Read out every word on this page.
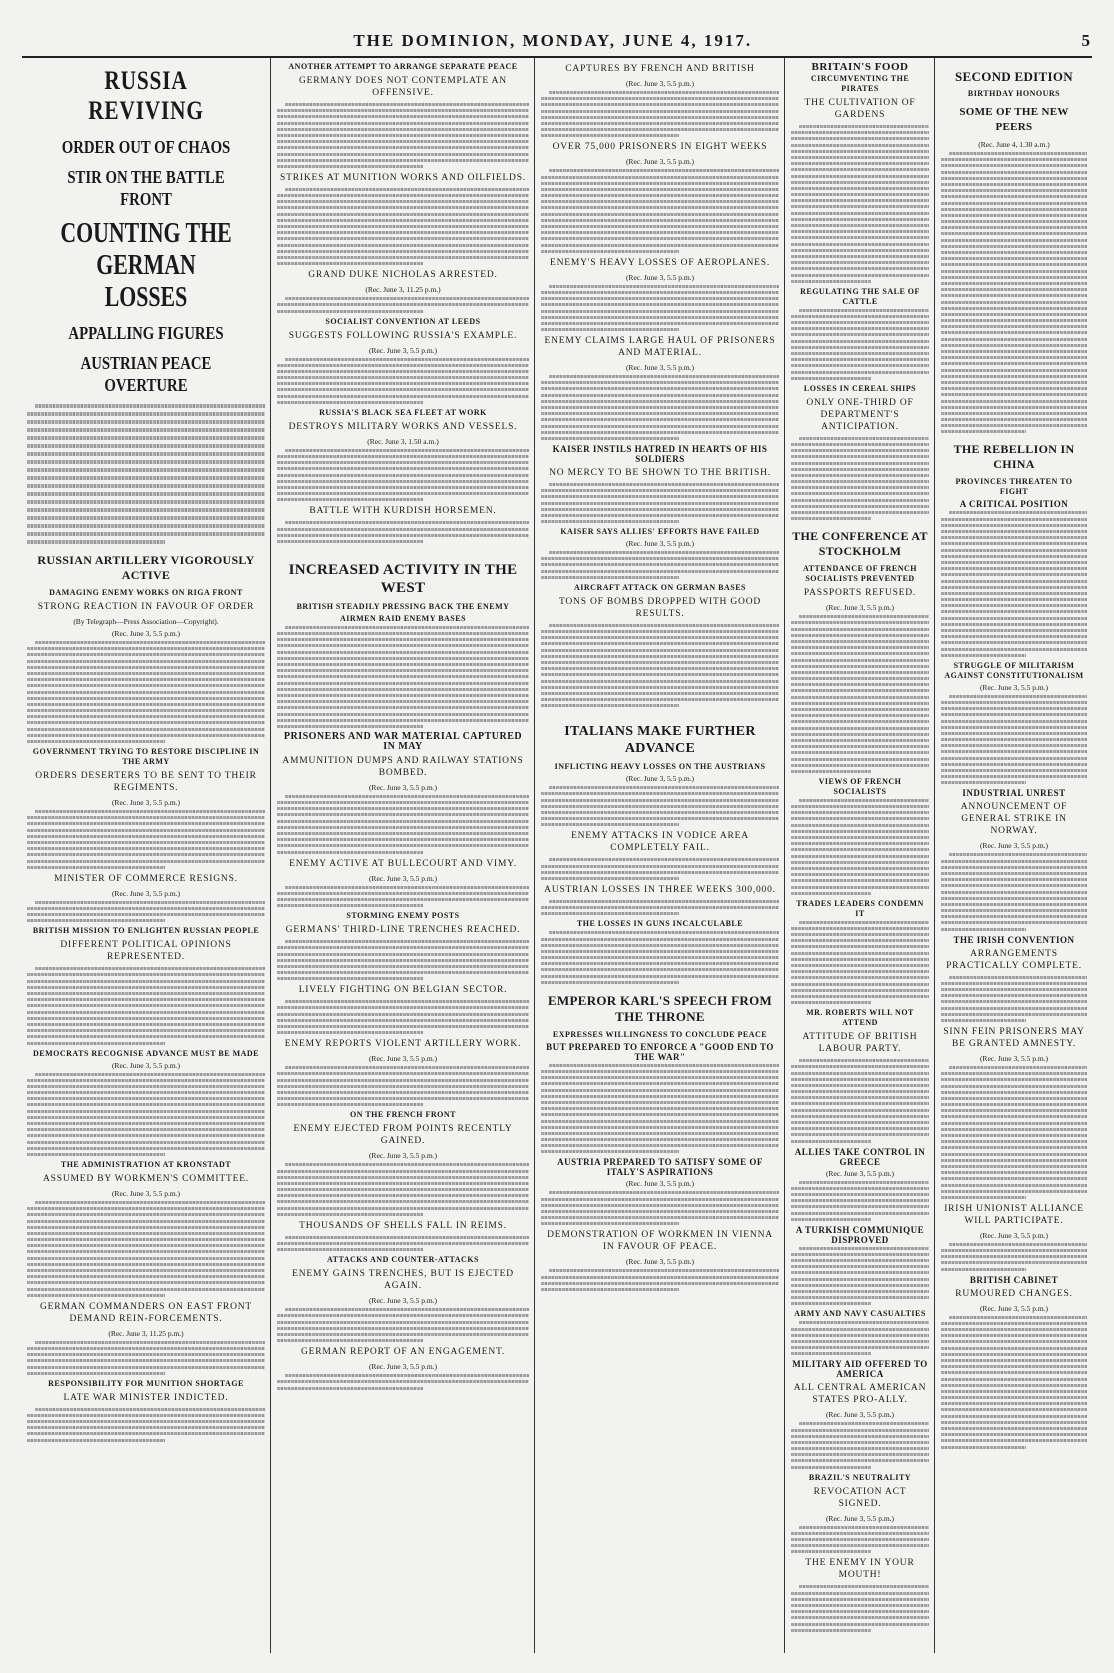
THE DOMINION, MONDAY, JUNE 4, 1917.	5
RUSSIA REVIVING
ORDER OUT OF CHAOS
STIR ON THE BATTLE FRONT
COUNTING THE GERMAN LOSSES
APPALLING FIGURES
AUSTRIAN PEACE OVERTURE
RUSSIAN ARTILLERY VIGOROUSLY ACTIVE
DAMAGING ENEMY WORKS ON RIGA FRONT
STRONG REACTION IN FAVOUR OF ORDER
(By Telegraph—Press Association—Copyright).
(Rec. June 3, 5.5 p.m.)
GOVERNMENT TRYING TO RESTORE DISCIPLINE IN THE ARMY
ORDERS DESERTERS TO BE SENT TO THEIR REGIMENTS.
(Rec. June 3, 5.5 p.m.)
MINISTER OF COMMERCE RESIGNS.
(Rec. June 3, 5.5 p.m.)
BRITISH MISSION TO ENLIGHTEN RUSSIAN PEOPLE
DIFFERENT POLITICAL OPINIONS REPRESENTED.
DEMOCRATS RECOGNISE ADVANCE MUST BE MADE
(Rec. June 3, 5.5 p.m.)
THE ADMINISTRATION AT KRONSTADT
ASSUMED BY WORKMEN'S COMMITTEE.
(Rec. June 3, 5.5 p.m.)
GERMAN COMMANDERS ON EAST FRONT DEMAND REIN-FORCEMENTS.
(Rec. June 3, 11.25 p.m.)
RESPONSIBILITY FOR MUNITION SHORTAGE
LATE WAR MINISTER INDICTED.
ANOTHER ATTEMPT TO ARRANGE SEPARATE PEACE
GERMANY DOES NOT CONTEMPLATE AN OFFENSIVE.
STRIKES AT MUNITION WORKS AND OILFIELDS.
GRAND DUKE NICHOLAS ARRESTED.
(Rec. June 3, 11.25 p.m.)
SOCIALIST CONVENTION AT LEEDS
SUGGESTS FOLLOWING RUSSIA'S EXAMPLE.
(Rec. June 3, 5.5 p.m.)
RUSSIA'S BLACK SEA FLEET AT WORK
DESTROYS MILITARY WORKS AND VESSELS.
(Rec. June 3, 1.50 a.m.)
BATTLE WITH KURDISH HORSEMEN.
INCREASED ACTIVITY IN THE WEST
BRITISH STEADILY PRESSING BACK THE ENEMY
AIRMEN RAID ENEMY BASES
PRISONERS AND WAR MATERIAL CAPTURED IN MAY
AMMUNITION DUMPS AND RAILWAY STATIONS BOMBED.
(Rec. June 3, 5.5 p.m.)
ENEMY ACTIVE AT BULLECOURT AND VIMY.
(Rec. June 3, 5.5 p.m.)
STORMING ENEMY POSTS
GERMANS' THIRD-LINE TRENCHES REACHED.
LIVELY FIGHTING ON BELGIAN SECTOR.
ENEMY REPORTS VIOLENT ARTILLERY WORK.
(Rec. June 3, 5.5 p.m.)
ON THE FRENCH FRONT
ENEMY EJECTED FROM POINTS RECENTLY GAINED.
(Rec. June 3, 5.5 p.m.)
THOUSANDS OF SHELLS FALL IN REIMS.
ATTACKS AND COUNTER-ATTACKS
ENEMY GAINS TRENCHES, BUT IS EJECTED AGAIN.
(Rec. June 3, 5.5 p.m.)
GERMAN REPORT OF AN ENGAGEMENT.
(Rec. June 3, 5.5 p.m.)
CAPTURES BY FRENCH AND BRITISH
(Rec. June 3, 5.5 p.m.)
OVER 75,000 PRISONERS IN EIGHT WEEKS
(Rec. June 3, 5.5 p.m.)
ENEMY'S HEAVY LOSSES OF AEROPLANES.
(Rec. June 3, 5.5 p.m.)
ENEMY CLAIMS LARGE HAUL OF PRISONERS AND MATERIAL.
(Rec. June 3, 5.5 p.m.)
KAISER INSTILS HATRED IN HEARTS OF HIS SOLDIERS
NO MERCY TO BE SHOWN TO THE BRITISH.
KAISER SAYS ALLIES' EFFORTS HAVE FAILED
(Rec. June 3, 5.5 p.m.)
AIRCRAFT ATTACK ON GERMAN BASES
TONS OF BOMBS DROPPED WITH GOOD RESULTS.
ITALIANS MAKE FURTHER ADVANCE
INFLICTING HEAVY LOSSES ON THE AUSTRIANS
(Rec. June 3, 5.5 p.m.)
ENEMY ATTACKS IN VODICE AREA COMPLETELY FAIL.
AUSTRIAN LOSSES IN THREE WEEKS 300,000.
THE LOSSES IN GUNS INCALCULABLE
EMPEROR KARL'S SPEECH FROM THE THRONE
EXPRESSES WILLINGNESS TO CONCLUDE PEACE
BUT PREPARED TO ENFORCE A "GOOD END TO THE WAR"
AUSTRIA PREPARED TO SATISFY SOME OF ITALY'S ASPIRATIONS
(Rec. June 3, 5.5 p.m.)
DEMONSTRATION OF WORKMEN IN VIENNA IN FAVOUR OF PEACE.
(Rec. June 3, 5.5 p.m.)
BRITAIN'S FOOD
CIRCUMVENTING THE PIRATES
THE CULTIVATION OF GARDENS
REGULATING THE SALE OF CATTLE
LOSSES IN CEREAL SHIPS
ONLY ONE-THIRD OF DEPARTMENT'S ANTICIPATION.
THE CONFERENCE AT STOCKHOLM
ATTENDANCE OF FRENCH SOCIALISTS PREVENTED
PASSPORTS REFUSED.
(Rec. June 3, 5.5 p.m.)
VIEWS OF FRENCH SOCIALISTS
TRADES LEADERS CONDEMN IT
MR. ROBERTS WILL NOT ATTEND
ATTITUDE OF BRITISH LABOUR PARTY.
ALLIES TAKE CONTROL IN GREECE
(Rec. June 3, 5.5 p.m.)
A TURKISH COMMUNIQUE DISPROVED
ARMY AND NAVY CASUALTIES
MILITARY AID OFFERED TO AMERICA
ALL CENTRAL AMERICAN STATES PRO-ALLY.
(Rec. June 3, 5.5 p.m.)
BRAZIL'S NEUTRALITY
REVOCATION ACT SIGNED.
(Rec. June 3, 5.5 p.m.)
THE ENEMY IN YOUR MOUTH!
SECOND EDITION
BIRTHDAY HONOURS
SOME OF THE NEW PEERS
(Rec. June 4, 1.30 a.m.)
THE REBELLION IN CHINA
PROVINCES THREATEN TO FIGHT
A CRITICAL POSITION
STRUGGLE OF MILITARISM AGAINST CONSTITUTIONALISM
(Rec. June 3, 5.5 p.m.)
INDUSTRIAL UNREST
ANNOUNCEMENT OF GENERAL STRIKE IN NORWAY.
(Rec. June 3, 5.5 p.m.)
THE IRISH CONVENTION
ARRANGEMENTS PRACTICALLY COMPLETE.
SINN FEIN PRISONERS MAY BE GRANTED AMNESTY.
(Rec. June 3, 5.5 p.m.)
IRISH UNIONIST ALLIANCE WILL PARTICIPATE.
(Rec. June 3, 5.5 p.m.)
BRITISH CABINET
RUMOURED CHANGES.
(Rec. June 3, 5.5 p.m.)
